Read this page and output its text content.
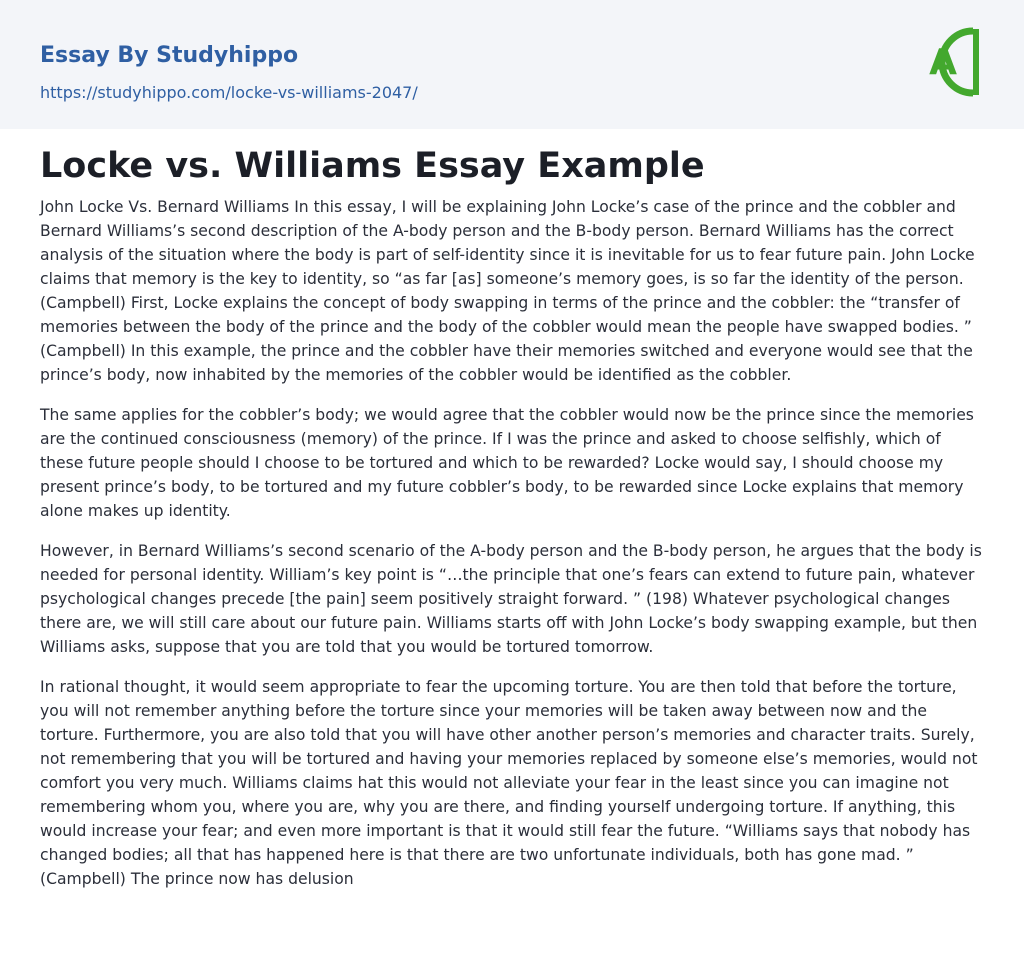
Essay By Studyhippo
https://studyhippo.com/locke-vs-williams-2047/
A
Locke vs. Williams Essay Example

John Locke Vs. Bernard Williams In this essay, I will be explaining John Locke’s case of the prince and the cobbler and Bernard Williams’s second description of the A-body person and the B-body person. Bernard Williams has the correct analysis of the situation where the body is part of self-identity since it is inevitable for us to fear future pain. John Locke claims that memory is the key to identity, so “as far [as] someone’s memory goes, is so far the identity of the person. (Campbell) First, Locke explains the concept of body swapping in terms of the prince and the cobbler: the “transfer of memories between the body of the prince and the body of the cobbler would mean the people have swapped bodies. ” (Campbell) In this example, the prince and the cobbler have their memories switched and everyone would see that the prince’s body, now inhabited by the memories of the cobbler would be identified as the cobbler.

The same applies for the cobbler’s body; we would agree that the cobbler would now be the prince since the memories are the continued consciousness (memory) of the prince. If I was the prince and asked to choose selfishly, which of these future people should I choose to be tortured and which to be rewarded? Locke would say, I should choose my present prince’s body, to be tortured and my future cobbler’s body, to be rewarded since Locke explains that memory alone makes up identity.

However, in Bernard Williams’s second scenario of the A-body person and the B-body person, he argues that the body is needed for personal identity. William’s key point is “…the principle that one’s fears can extend to future pain, whatever psychological changes precede [the pain] seem positively straight forward. ” (198) Whatever psychological changes there are, we will still care about our future pain. Williams starts off with John Locke’s body swapping example, but then Williams asks, suppose that you are told that you would be tortured tomorrow.

In rational thought, it would seem appropriate to fear the upcoming torture. You are then told that before the torture, you will not remember anything before the torture since your memories will be taken away between now and the torture. Furthermore, you are also told that you will have other another person’s memories and character traits. Surely, not remembering that you will be tortured and having your memories replaced by someone else’s memories, would not comfort you very much. Williams claims hat this would not alleviate your fear in the least since you can imagine not remembering whom you, where you are, why you are there, and finding yourself undergoing torture. If anything, this would increase your fear; and even more important is that it would still fear the future. “Williams says that nobody has changed bodies; all that has happened here is that there are two unfortunate individuals, both has gone mad. ” (Campbell) The prince now has delusion
